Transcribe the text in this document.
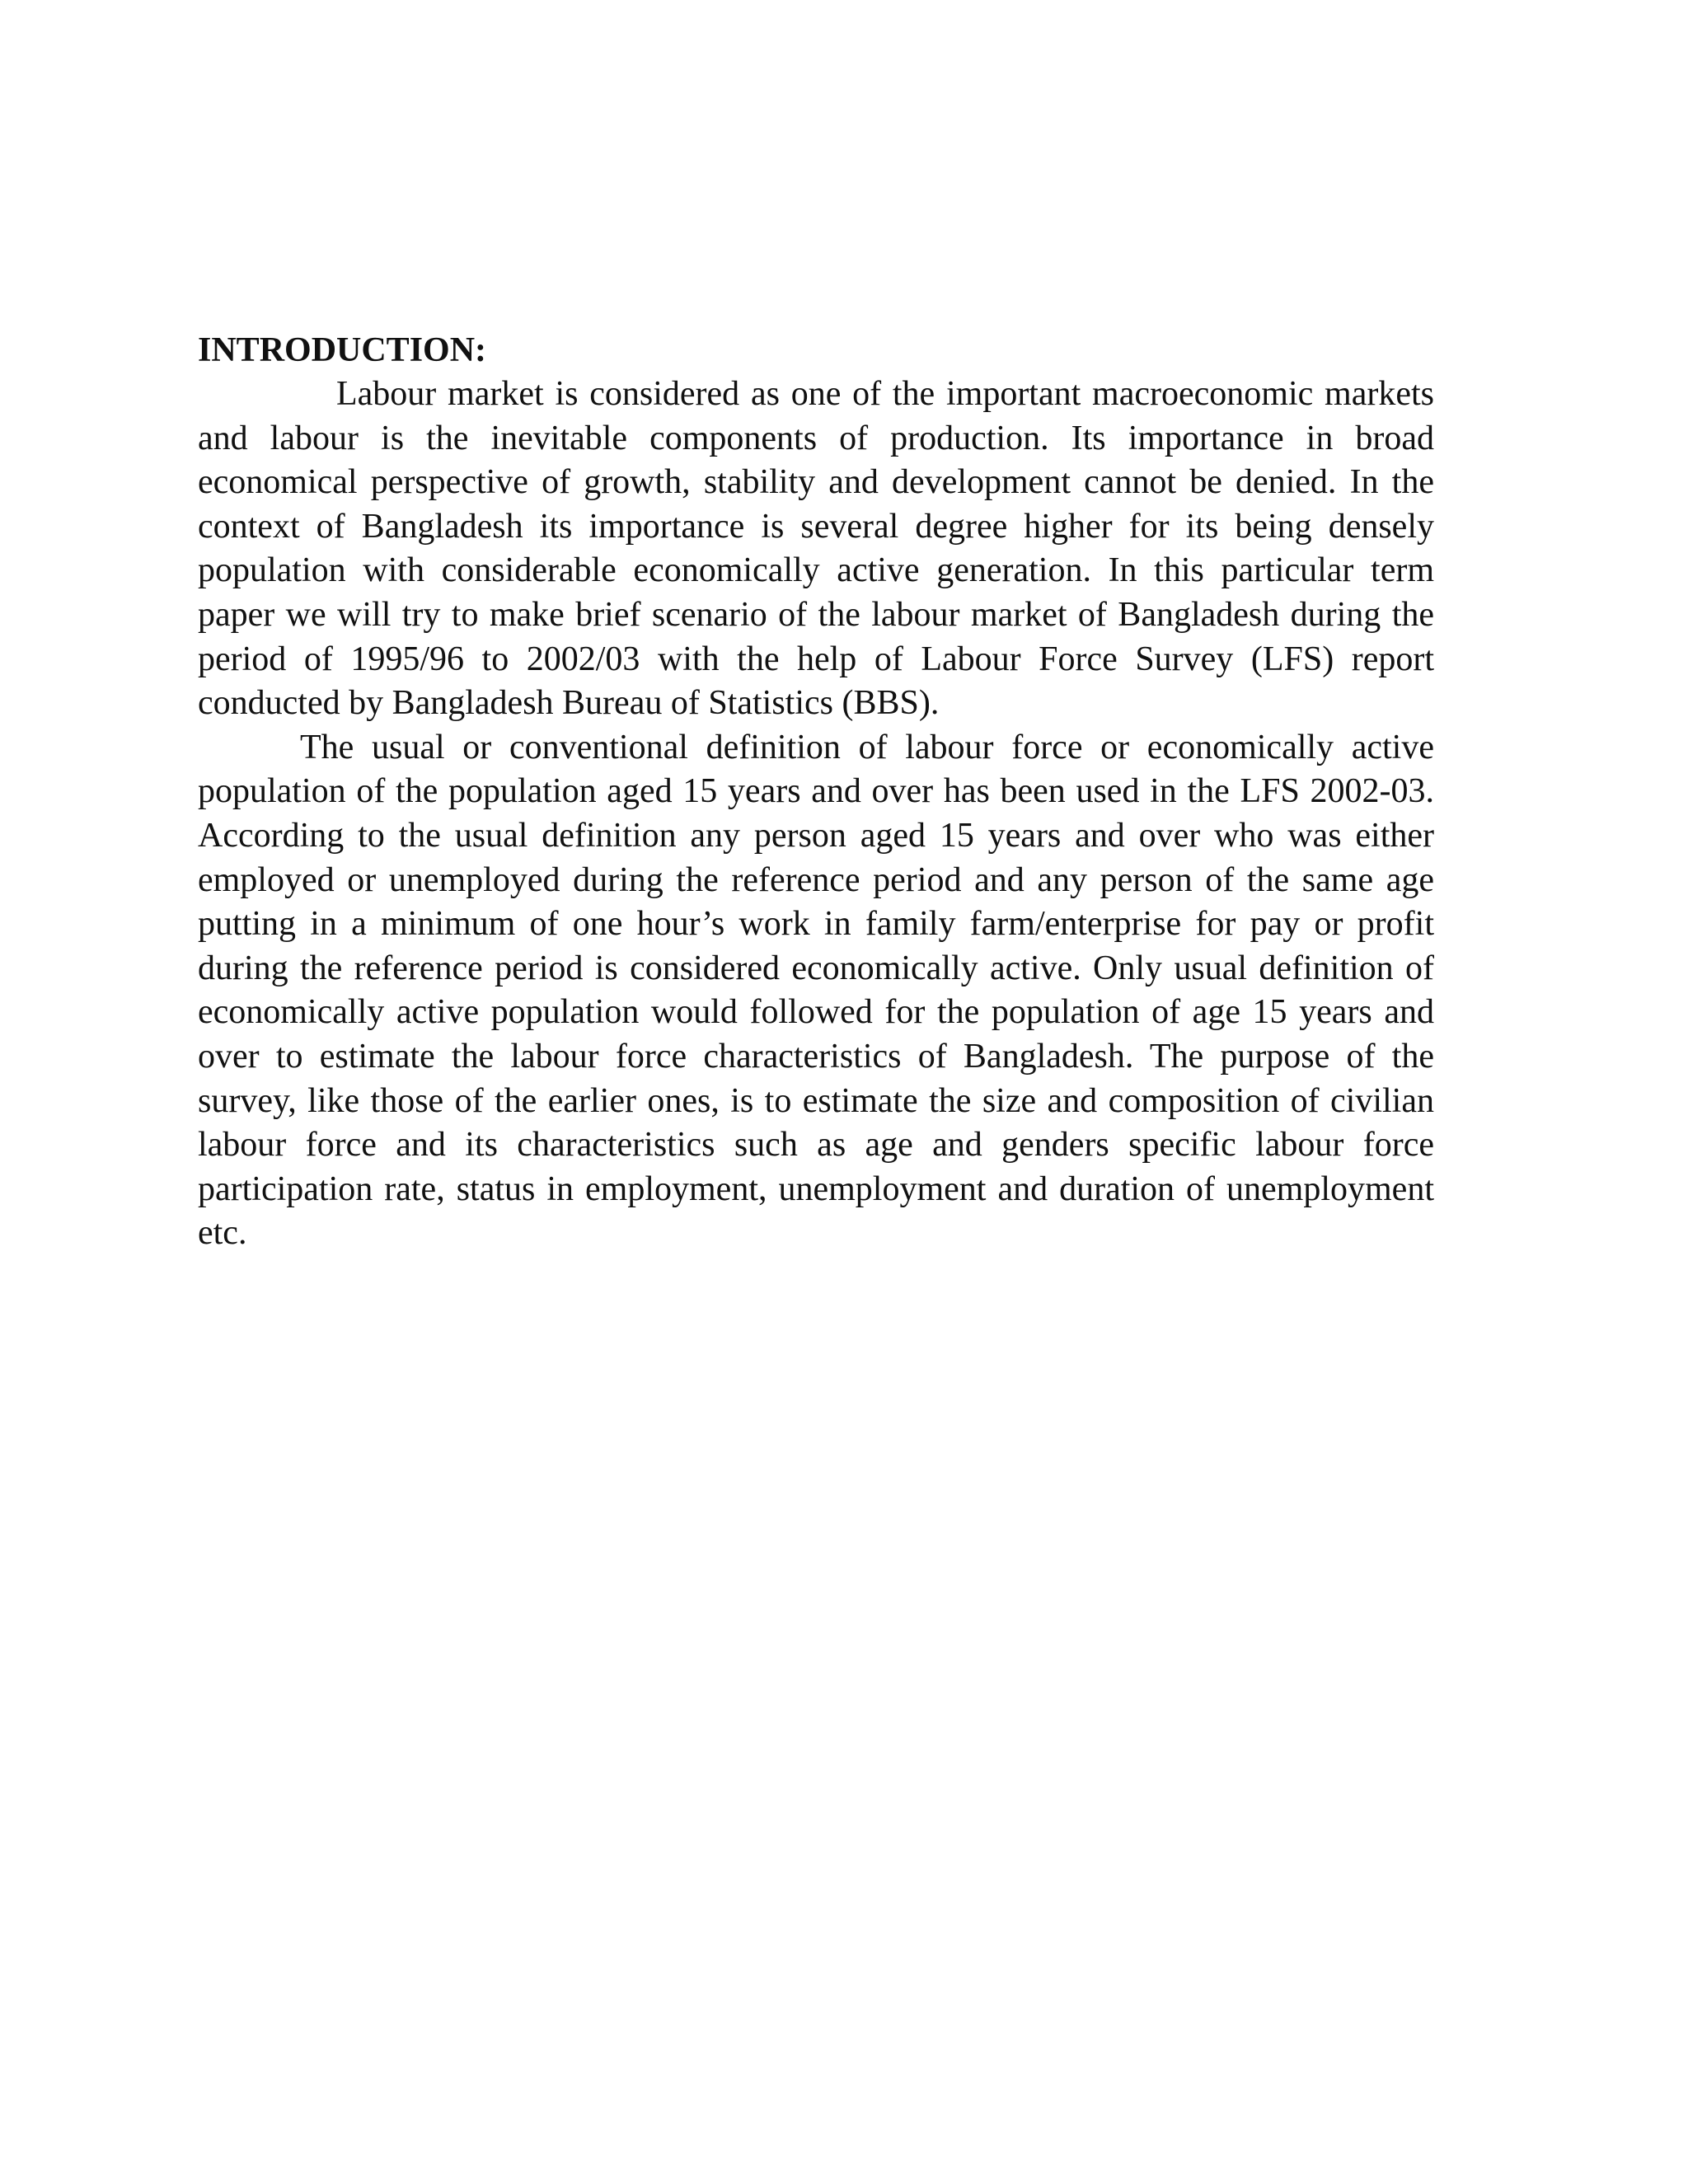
INTRODUCTION:

Labour market is considered as one of the important macroeconomic markets and labour is the inevitable components of production. Its importance in broad economical perspective of growth, stability and development cannot be denied. In the context of Bangladesh its importance is several degree higher for its being densely population with considerable economically active generation. In this particular term paper we will try to make brief scenario of the labour market of Bangladesh during the period of 1995/96 to 2002/03 with the help of Labour Force Survey (LFS) report conducted by Bangladesh Bureau of Statistics (BBS).

The usual or conventional definition of labour force or economically active population of the population aged 15 years and over has been used in the LFS 2002-03. According to the usual definition any person aged 15 years and over who was either employed or unemployed during the reference period and any person of the same age putting in a minimum of one hour’s work in family farm/enterprise for pay or profit during the reference period is considered economically active. Only usual definition of economically active population would followed for the population of age 15 years and over to estimate the labour force characteristics of Bangladesh. The purpose of the survey, like those of the earlier ones, is to estimate the size and composition of civilian labour force and its characteristics such as age and genders specific labour force participation rate, status in employment, unemployment and duration of unemployment etc.
